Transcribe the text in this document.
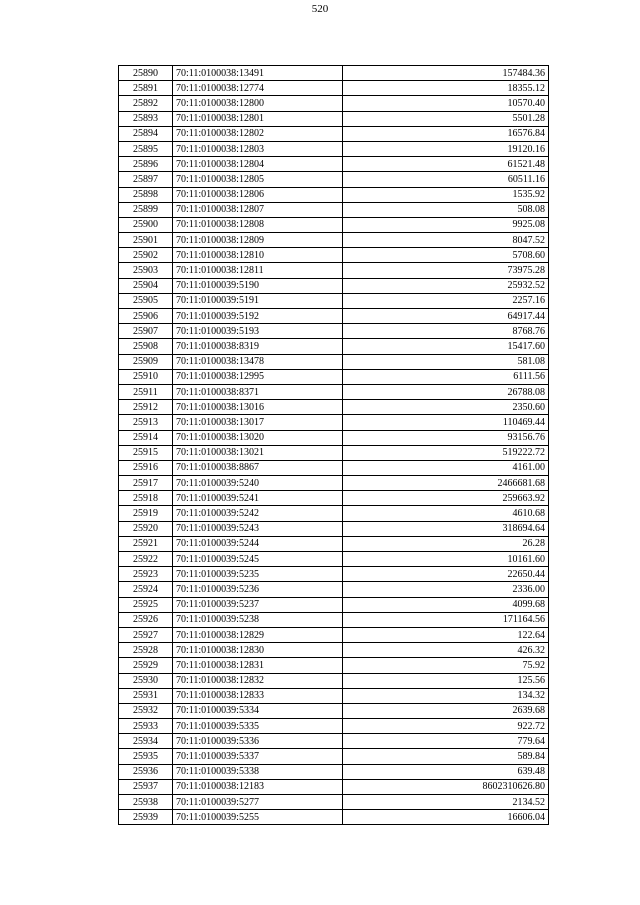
520
25890	70:11:0100038:13491	157484.36
25891	70:11:0100038:12774	18355.12
25892	70:11:0100038:12800	10570.40
25893	70:11:0100038:12801	5501.28
25894	70:11:0100038:12802	16576.84
25895	70:11:0100038:12803	19120.16
25896	70:11:0100038:12804	61521.48
25897	70:11:0100038:12805	60511.16
25898	70:11:0100038:12806	1535.92
25899	70:11:0100038:12807	508.08
25900	70:11:0100038:12808	9925.08
25901	70:11:0100038:12809	8047.52
25902	70:11:0100038:12810	5708.60
25903	70:11:0100038:12811	73975.28
25904	70:11:0100039:5190	25932.52
25905	70:11:0100039:5191	2257.16
25906	70:11:0100039:5192	64917.44
25907	70:11:0100039:5193	8768.76
25908	70:11:0100038:8319	15417.60
25909	70:11:0100038:13478	581.08
25910	70:11:0100038:12995	6111.56
25911	70:11:0100038:8371	26788.08
25912	70:11:0100038:13016	2350.60
25913	70:11:0100038:13017	110469.44
25914	70:11:0100038:13020	93156.76
25915	70:11:0100038:13021	519222.72
25916	70:11:0100038:8867	4161.00
25917	70:11:0100039:5240	2466681.68
25918	70:11:0100039:5241	259663.92
25919	70:11:0100039:5242	4610.68
25920	70:11:0100039:5243	318694.64
25921	70:11:0100039:5244	26.28
25922	70:11:0100039:5245	10161.60
25923	70:11:0100039:5235	22650.44
25924	70:11:0100039:5236	2336.00
25925	70:11:0100039:5237	4099.68
25926	70:11:0100039:5238	171164.56
25927	70:11:0100038:12829	122.64
25928	70:11:0100038:12830	426.32
25929	70:11:0100038:12831	75.92
25930	70:11:0100038:12832	125.56
25931	70:11:0100038:12833	134.32
25932	70:11:0100039:5334	2639.68
25933	70:11:0100039:5335	922.72
25934	70:11:0100039:5336	779.64
25935	70:11:0100039:5337	589.84
25936	70:11:0100039:5338	639.48
25937	70:11:0100038:12183	8602310626.80
25938	70:11:0100039:5277	2134.52
25939	70:11:0100039:5255	16606.04
